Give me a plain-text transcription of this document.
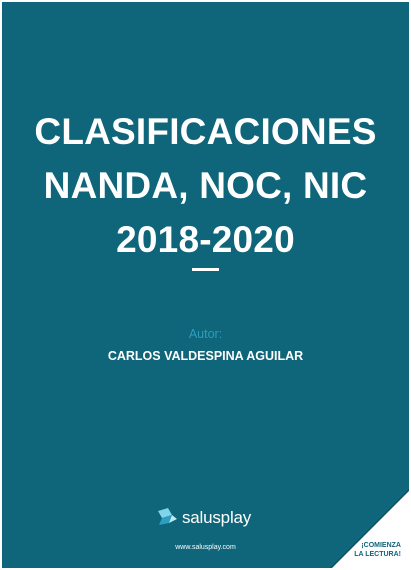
CLASIFICACIONES
NANDA, NOC, NIC
2018-2020
Autor:
CARLOS VALDESPINA AGUILAR
salusplay
www.salusplay.com	¡COMIENZA
LA LECTURA!
